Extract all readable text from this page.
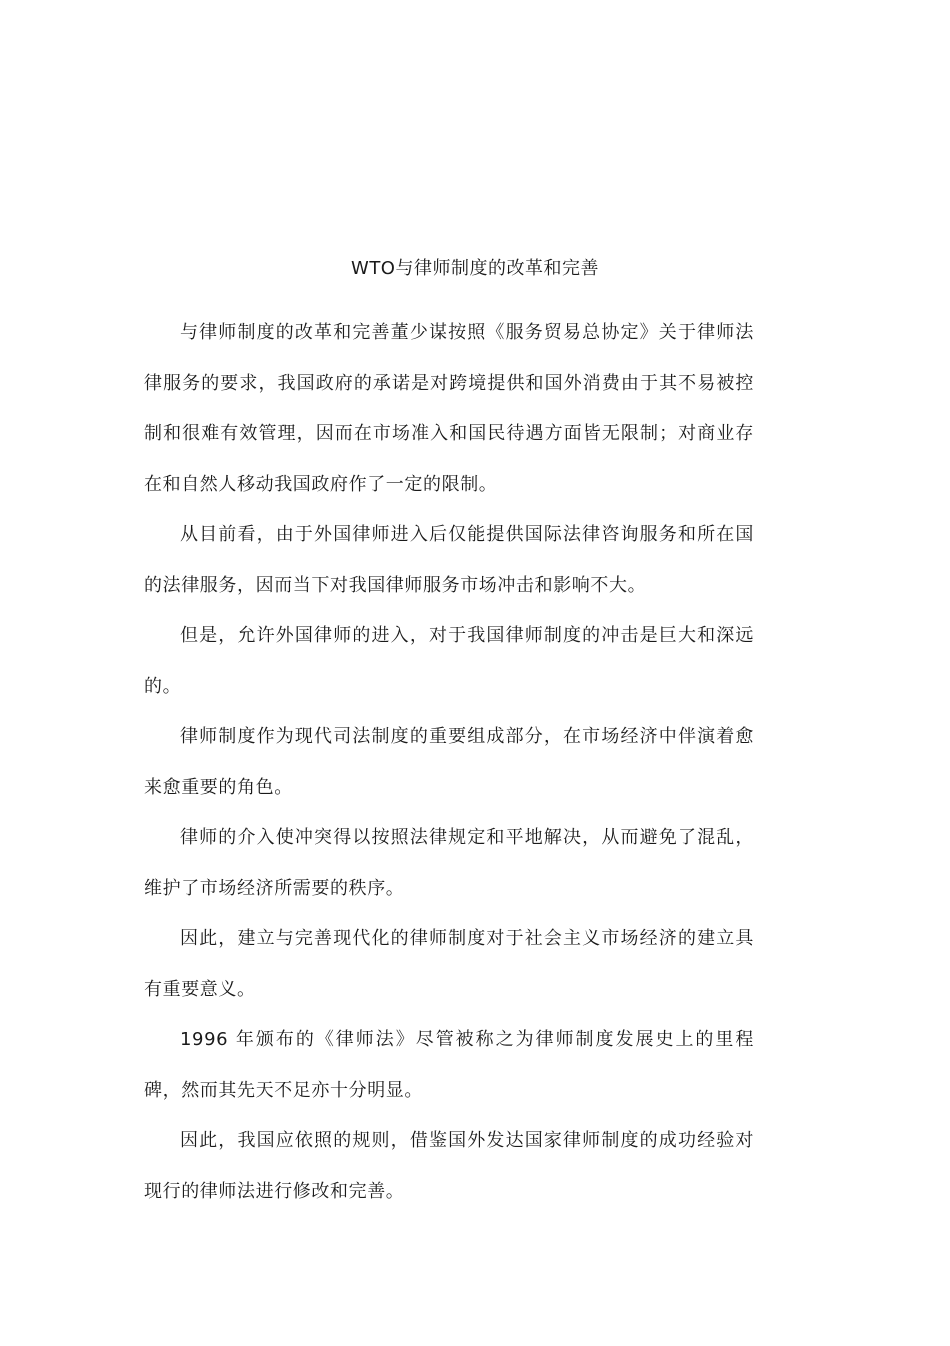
WTO与律师制度的改革和完善

与律师制度的改革和完善董少谋按照《服务贸易总协定》关于律师法律服务的要求，我国政府的承诺是对跨境提供和国外消费由于其不易被控制和很难有效管理，因而在市场准入和国民待遇方面皆无限制；对商业存在和自然人移动我国政府作了一定的限制。

从目前看，由于外国律师进入后仅能提供国际法律咨询服务和所在国的法律服务，因而当下对我国律师服务市场冲击和影响不大。

但是，允许外国律师的进入，对于我国律师制度的冲击是巨大和深远的。

律师制度作为现代司法制度的重要组成部分，在市场经济中伴演着愈来愈重要的角色。

律师的介入使冲突得以按照法律规定和平地解决，从而避免了混乱，维护了市场经济所需要的秩序。

因此，建立与完善现代化的律师制度对于社会主义市场经济的建立具有重要意义。

1996 年颁布的《律师法》尽管被称之为律师制度发展史上的里程碑，然而其先天不足亦十分明显。

因此，我国应依照的规则，借鉴国外发达国家律师制度的成功经验对现行的律师法进行修改和完善。
